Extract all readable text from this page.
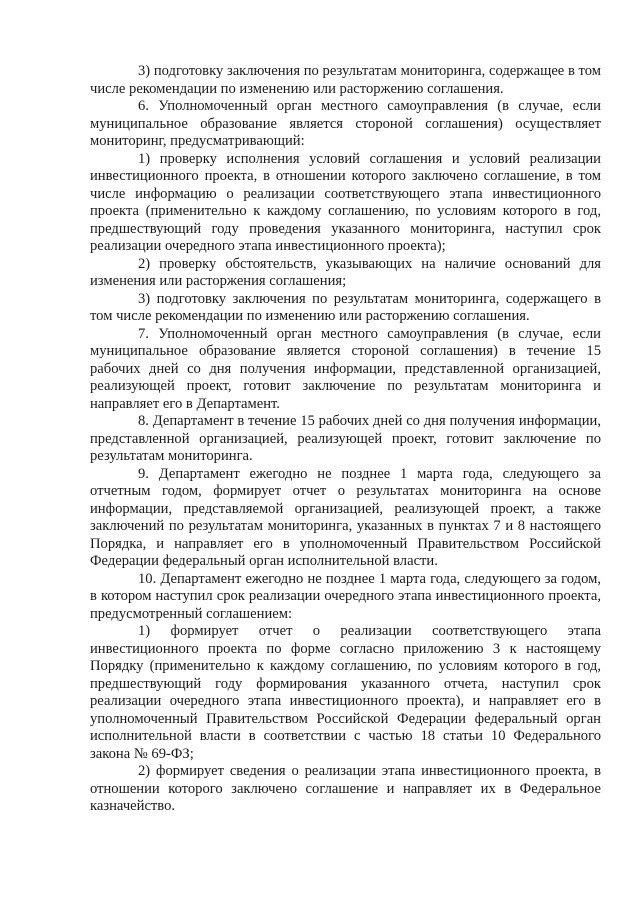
3) подготовку заключения по результатам мониторинга, содержащее в том числе рекомендации по изменению или расторжению соглашения.

6. Уполномоченный орган местного самоуправления (в случае, если муниципальное образование является стороной соглашения) осуществляет мониторинг, предусматривающий:

1) проверку исполнения условий соглашения и условий реализации инвестиционного проекта, в отношении которого заключено соглашение, в том числе информацию о реализации соответствующего этапа инвестиционного проекта (применительно к каждому соглашению, по условиям которого в год, предшествующий году проведения указанного мониторинга, наступил срок реализации очередного этапа инвестиционного проекта);

2) проверку обстоятельств, указывающих на наличие оснований для изменения или расторжения соглашения;

3) подготовку заключения по результатам мониторинга, содержащего в том числе рекомендации по изменению или расторжению соглашения.

7. Уполномоченный орган местного самоуправления (в случае, если муниципальное образование является стороной соглашения) в течение 15 рабочих дней со дня получения информации, представленной организацией, реализующей проект, готовит заключение по результатам мониторинга и направляет его в Департамент.

8. Департамент в течение 15 рабочих дней со дня получения информации, представленной организацией, реализующей проект, готовит заключение по результатам мониторинга.

9. Департамент ежегодно не позднее 1 марта года, следующего за отчетным годом, формирует отчет о результатах мониторинга на основе информации, представляемой организацией, реализующей проект, а также заключений по результатам мониторинга, указанных в пунктах 7 и 8 настоящего Порядка, и направляет его в уполномоченный Правительством Российской Федерации федеральный орган исполнительной власти.

10. Департамент ежегодно не позднее 1 марта года, следующего за годом, в котором наступил срок реализации очередного этапа инвестиционного проекта, предусмотренный соглашением:

1) формирует отчет о реализации соответствующего этапа инвестиционного проекта по форме согласно приложению 3 к настоящему Порядку (применительно к каждому соглашению, по условиям которого в год, предшествующий году формирования указанного отчета, наступил срок реализации очередного этапа инвестиционного проекта), и направляет его в уполномоченный Правительством Российской Федерации федеральный орган исполнительной власти в соответствии с частью 18 статьи 10 Федерального закона № 69-ФЗ;

2) формирует сведения о реализации этапа инвестиционного проекта, в отношении которого заключено соглашение и направляет их в Федеральное казначейство.
